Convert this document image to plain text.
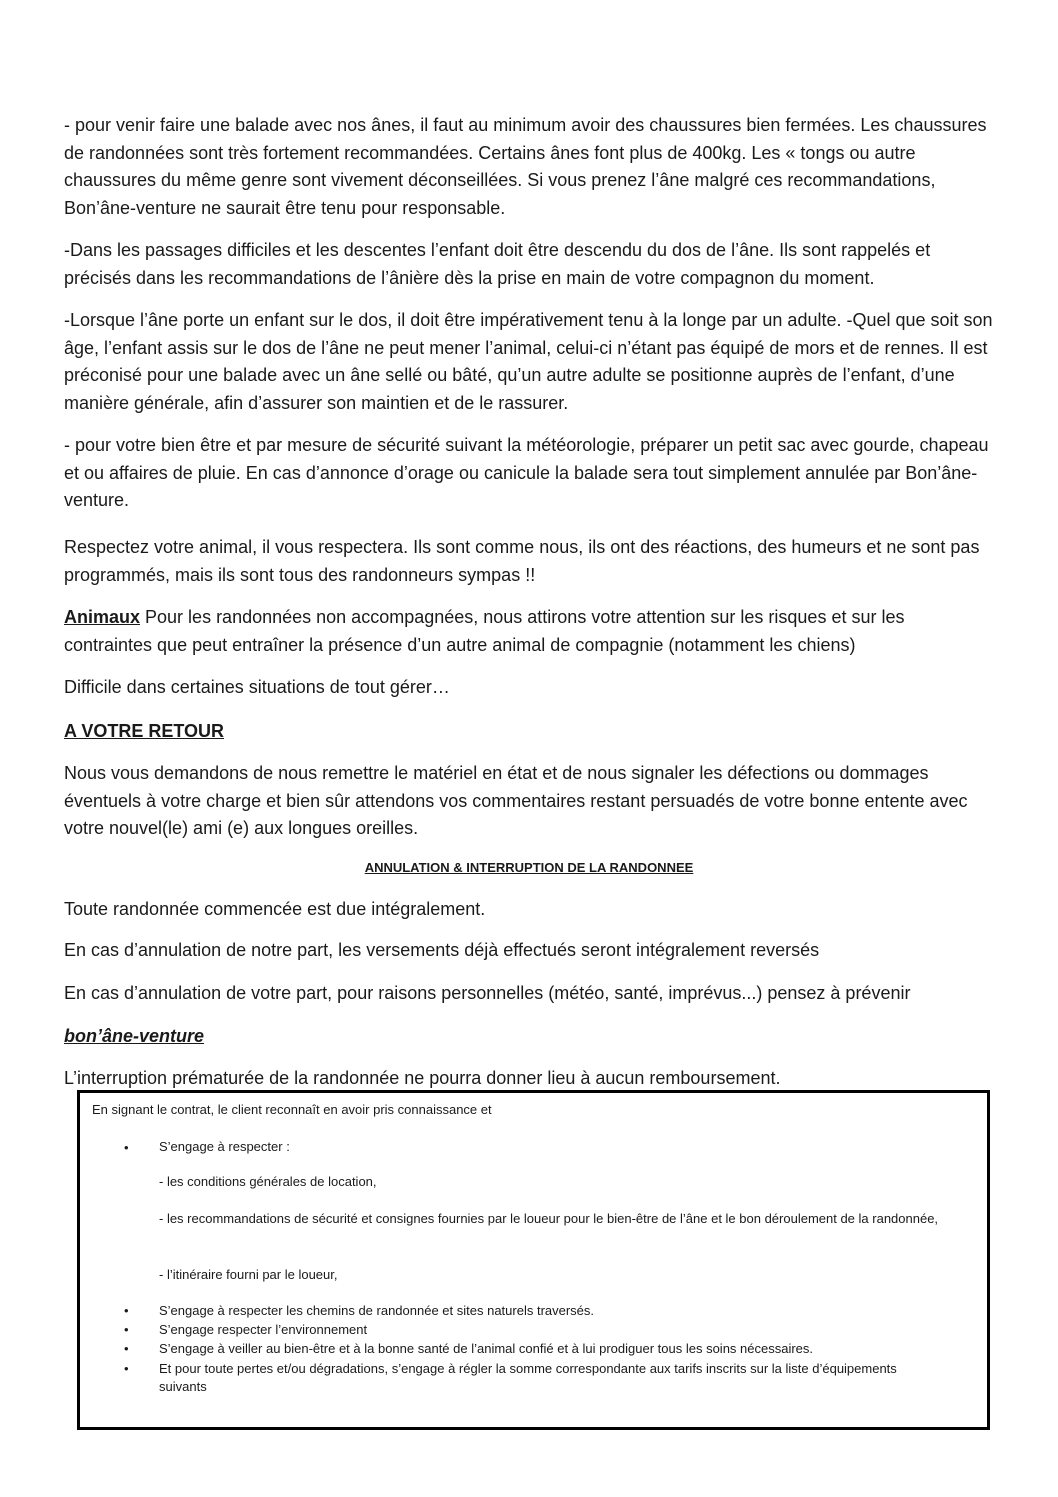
- pour venir faire une balade avec nos ânes, il faut au minimum avoir des chaussures bien fermées. Les chaussures de randonnées sont très fortement recommandées. Certains ânes font plus de 400kg. Les « tongs ou autre chaussures du même genre sont vivement déconseillées. Si vous prenez l’âne malgré ces recommandations, Bon’âne-venture ne saurait être tenu pour responsable.

-Dans les passages difficiles et les descentes l’enfant doit être descendu du dos de l’âne. Ils sont rappelés et précisés dans les recommandations de l’ânière dès la prise en main de votre compagnon du moment.

-Lorsque l’âne porte un enfant sur le dos, il doit être impérativement tenu à la longe par un adulte. -Quel que soit son âge, l’enfant assis sur le dos de l’âne ne peut mener l’animal, celui-ci n’étant pas équipé de mors et de rennes. Il est préconisé pour une balade avec un âne sellé ou bâté, qu’un autre adulte se positionne auprès de l’enfant, d’une manière générale, afin d’assurer son maintien et de le rassurer.

- pour votre bien être et par mesure de sécurité suivant la météorologie, préparer un petit sac avec gourde, chapeau et ou affaires de pluie. En cas d’annonce d’orage ou canicule la balade sera tout simplement annulée par Bon’âne-venture.

Respectez votre animal, il vous respectera. Ils sont comme nous, ils ont des réactions, des humeurs et ne sont pas programmés, mais ils sont tous des randonneurs sympas !!

Animaux Pour les randonnées non accompagnées, nous attirons votre attention sur les risques et sur les contraintes que peut entraîner la présence d’un autre animal de compagnie (notamment les chiens)

Difficile dans certaines situations de tout gérer…

A VOTRE RETOUR

Nous vous demandons de nous remettre le matériel en état et de nous signaler les défections ou dommages éventuels à votre charge et bien sûr attendons vos commentaires restant persuadés de votre bonne entente avec votre nouvel(le) ami (e) aux longues oreilles.

ANNULATION & INTERRUPTION DE LA RANDONNEE

Toute randonnée commencée est due intégralement.

En cas d’annulation de notre part, les versements déjà effectués seront intégralement reversés

En cas d’annulation de votre part, pour raisons personnelles (météo, santé, imprévus...) pensez à prévenir

bon’âne-venture

L’interruption prématurée de la randonnée ne pourra donner lieu à aucun remboursement.

En signant le contrat, le client reconnaît en avoir pris connaissance et

• S’engage à respecter :

- les conditions générales de location,

- les recommandations de sécurité et consignes fournies par le loueur pour le bien-être de l’âne et le bon déroulement de la randonnée,

- l’itinéraire fourni par le loueur,

• S’engage à respecter les chemins de randonnée et sites naturels traversés.

• S’engage respecter l’environnement

• S’engage à veiller au bien-être et à la bonne santé de l’animal confié et à lui prodiguer tous les soins nécessaires.

• Et pour toute pertes et/ou dégradations, s’engage à régler la somme correspondante aux tarifs inscrits sur la liste d’équipements suivants
